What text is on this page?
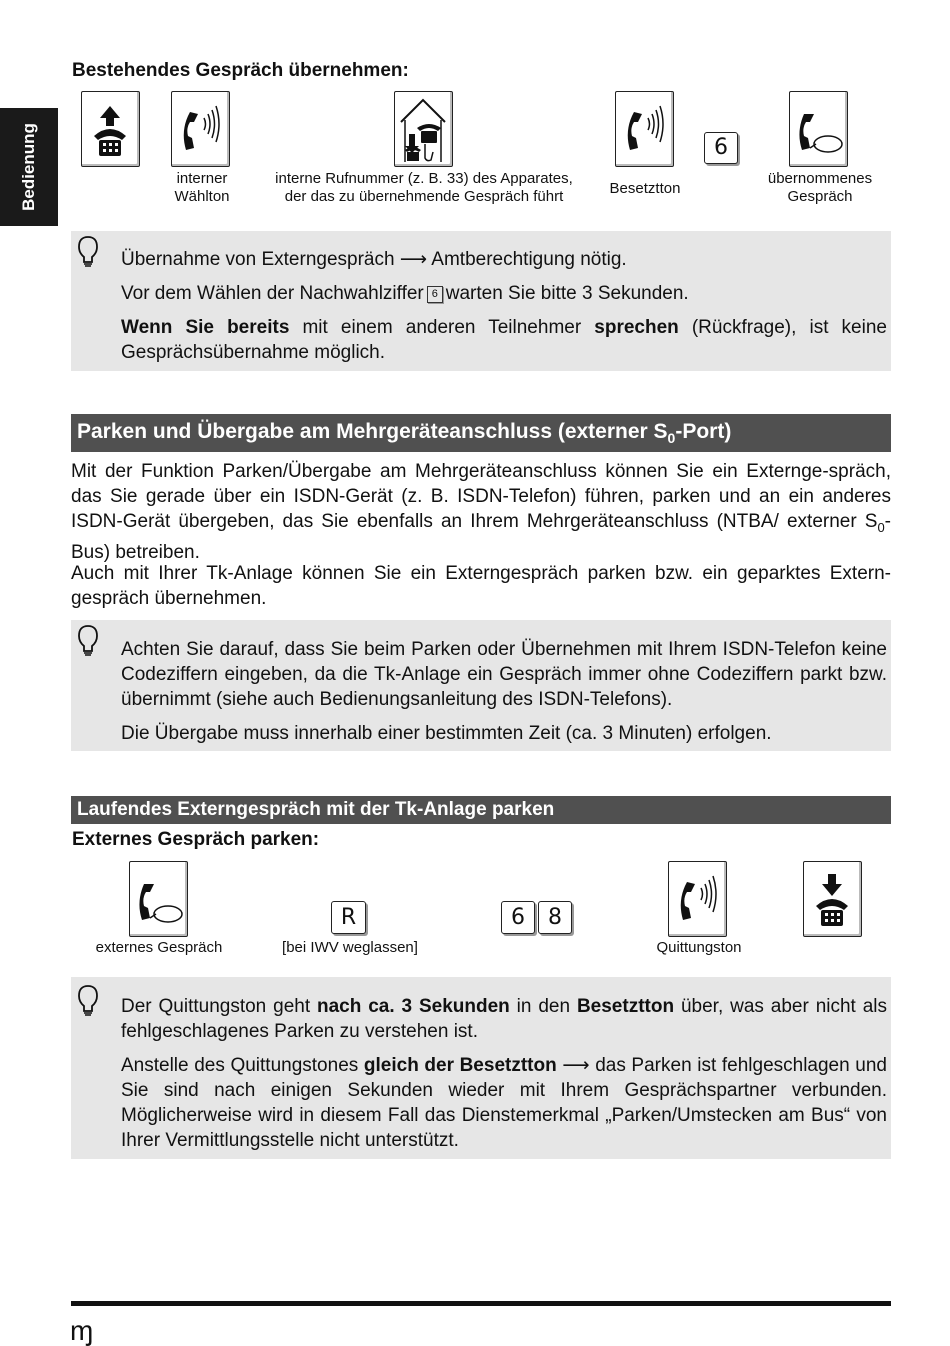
Bedienung
Bestehendes Gespräch übernehmen:
interner
Wählton
interne Rufnummer (z. B. 33) des Apparates,
der das zu übernehmende Gespräch führt	Besetztton
6
übernommenes
Gespräch

Übernahme von Externgespräch ⟶ Amtberechtigung nötig.

Vor dem Wählen der Nachwahlziffer 6 warten Sie bitte 3 Sekunden.

Wenn Sie bereits mit einem anderen Teilnehmer sprechen (Rückfrage), ist keine Gesprächsübernahme möglich.

Parken und Übergabe am Mehrgeräteanschluss (externer $S_0-Port$)

Mit der Funktion Parken/Übergabe am Mehrgeräteanschluss können Sie ein Externge-spräch, das Sie gerade über ein ISDN-Gerät (z. B. ISDN-Telefon) führen, parken und an ein anderes ISDN-Gerät übergeben, das Sie ebenfalls an Ihrem Mehrgeräteanschluss (NTBA/ externer $S_0-Bus$) betreiben.

Auch mit Ihrer Tk-Anlage können Sie ein Externgespräch parken bzw. ein geparktes Extern-gespräch übernehmen.

Achten Sie darauf, dass Sie beim Parken oder Übernehmen mit Ihrem ISDN-Telefon keine Codeziffern eingeben, da die Tk-Anlage ein Gespräch immer ohne Codeziffern parkt bzw. übernimmt (siehe auch Bedienungsanleitung des ISDN-Telefons).

Die Übergabe muss innerhalb einer bestimmten Zeit (ca. 3 Minuten) erfolgen.

Laufendes Externgespräch mit der Tk-Anlage parken
Externes Gespräch parken:
externes Gespräch
R
[bei IWV weglassen]
6	8
Quittungston

Der Quittungston geht nach ca. 3 Sekunden in den Besetztton über, was aber nicht als fehlgeschlagenes Parken zu verstehen ist.

Anstelle des Quittungstones gleich der Besetztton ⟶ das Parken ist fehlgeschlagen und Sie sind nach einigen Sekunden wieder mit Ihrem Gesprächspartner verbunden. Möglicherweise wird in diesem Fall das Dienstemerkmal „Parken/Umstecken am Bus“ von Ihrer Vermittlungsstelle nicht unterstützt.

ɱ
